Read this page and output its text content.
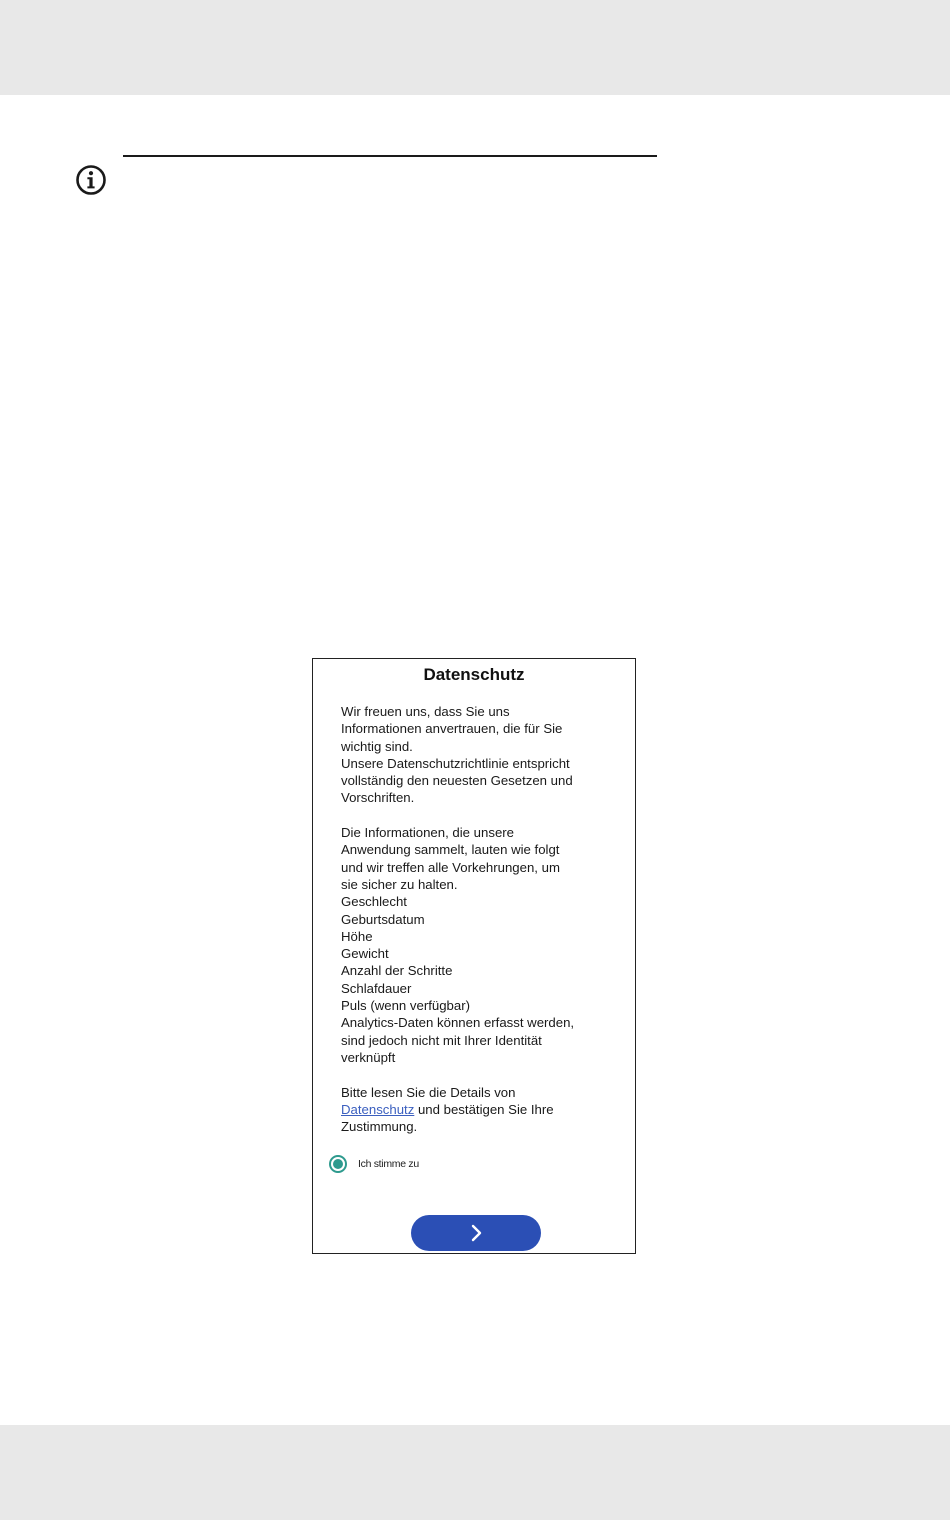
Datenschutz

Wir freuen uns, dass Sie uns

Informationen anvertrauen, die für Sie

wichtig sind.

Unsere Datenschutzrichtlinie entspricht

vollständig den neuesten Gesetzen und

Vorschriften.

Die Informationen, die unsere

Anwendung sammelt, lauten wie folgt

und wir treffen alle Vorkehrungen, um

sie sicher zu halten.

Geschlecht

Geburtsdatum

Höhe

Gewicht

Anzahl der Schritte

Schlafdauer

Puls (wenn verfügbar)

Analytics-Daten können erfasst werden,

sind jedoch nicht mit Ihrer Identität

verknüpft

Bitte lesen Sie die Details von

Datenschutz und bestätigen Sie Ihre

Zustimmung.

Ich stimme zu
